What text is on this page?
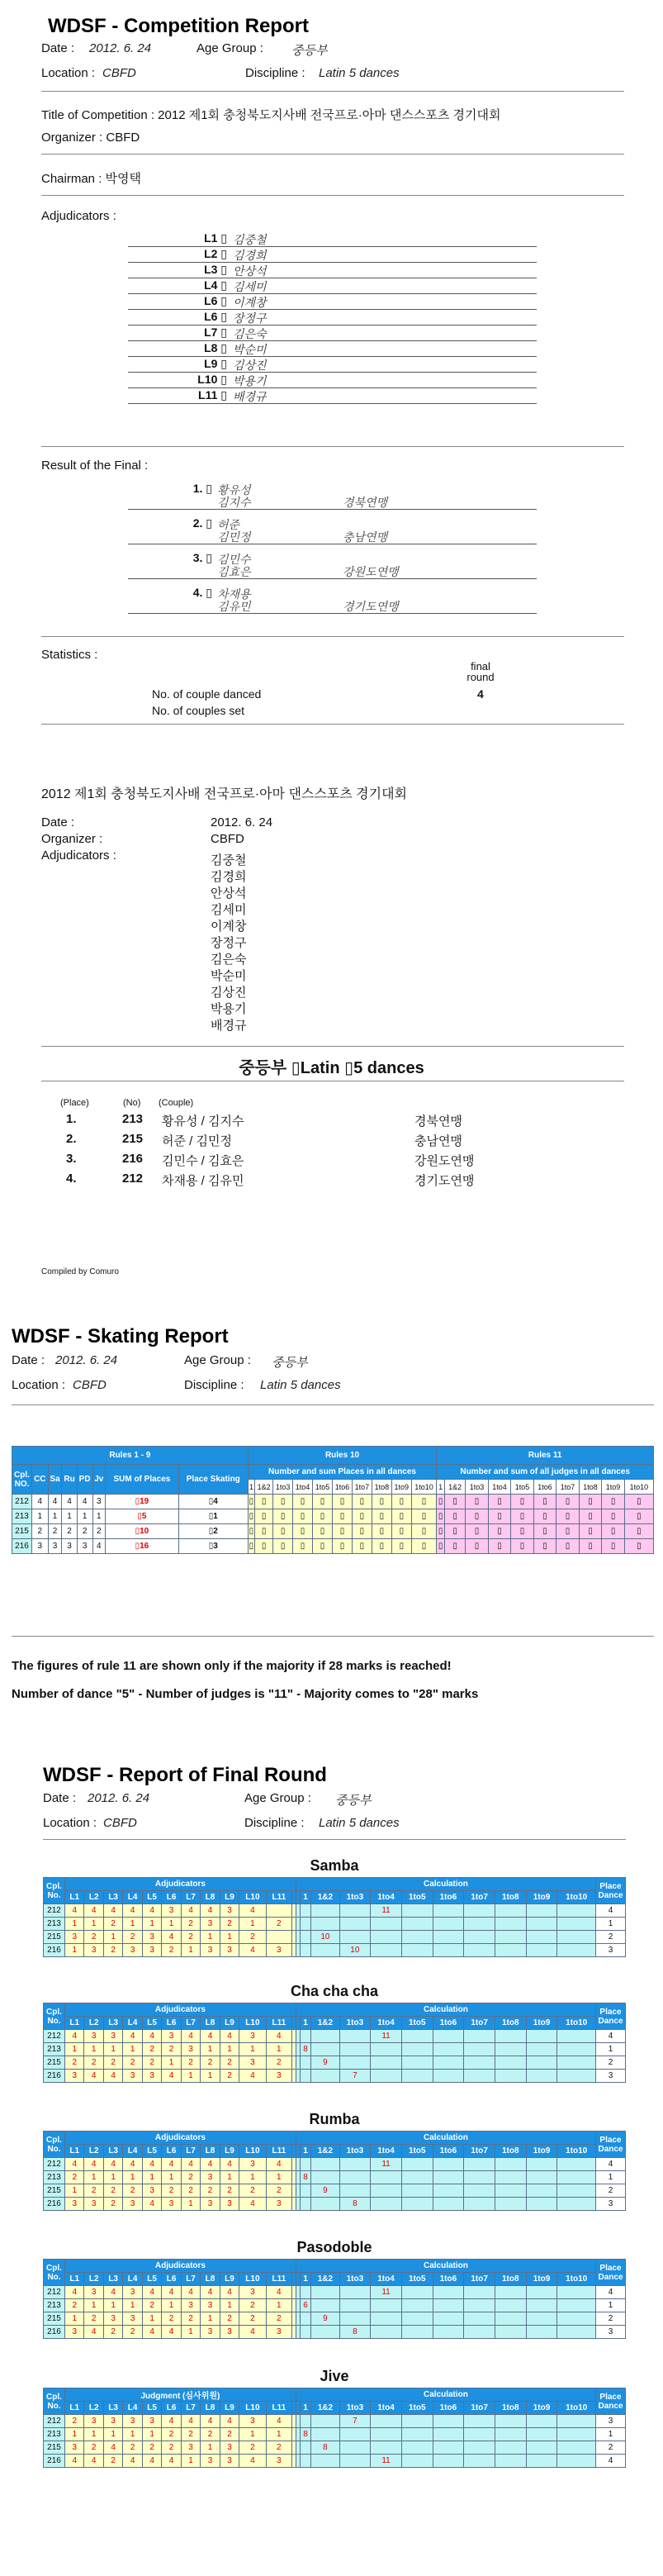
WDSF - Competition Report
Date : 2012. 6. 24	Age Group : 중등부
Location : CBFD	Discipline : Latin 5 dances
Title of Competition : 2012 제1회 충청북도지사배 전국프로·아마 댄스스포츠 경기대회
Organizer : CBFD
Chairman : 박영택
Adjudicators :
L1 ▯ 김중철
L2 ▯ 김경희
L3 ▯ 안상석
L4 ▯ 김세미
L6 ▯ 이계창
L6 ▯ 장정구
L7 ▯ 김은숙
L8 ▯ 박순미
L9 ▯ 김상진
L10 ▯ 박용기
L11 ▯ 배경규
Result of the Final :
1. ▯ 황유성
김지수	경북연맹
2. ▯ 허준
김민정	충남연맹
3. ▯ 김민수
김효은	강원도연맹
4. ▯ 차재용
김유민	경기도연맹
Statistics :
final round
No. of couple danced	4
No. of couples set
2012 제1회 충청북도지사배 전국프로·아마 댄스스포츠 경기대회
Date :	2012. 6. 24
Organizer :	CBFD
Adjudicators :	김중철
김경희
안상석
김세미
이계창
장정구
김은숙
박순미
김상진
박용기
배경규
중등부 ▯Latin ▯5 dances
(Place)	(No) (Couple)
1.	213 황유성 / 김지수	경북연맹
2.	215 허준 / 김민정	충남연맹
3.	216 김민수 / 김효은	강원도연맹
4.	212 차재용 / 김유민	경기도연맹
Compiled by Comuro
WDSF - Skating Report
Date : 2012. 6. 24	Age Group : 중등부
Location : CBFD	Discipline : Latin 5 dances
Rules 1 - 9								Rules 10										Rules 11									
Cpl. NO.	CC	Sa	Ru	PD	Jv	SUM of Places	Place Skating	Number and sum Places in all dances										Number and sum of all judges in all dances									
								1	1&2	1to3	1to4	1to5	1to6	1to7	1to8	1to9	1to10	1	1&2	1to3	1to4	1to5	1to6	1to7	1to8	1to9	1to10
212	4	4	4	4	3	▯19	▯4	▯	▯	▯	▯	▯	▯	▯	▯	▯	▯	▯	▯	▯	▯	▯	▯	▯	▯	▯	▯
213	1	1	1	1	1	▯5	▯1	▯	▯	▯	▯	▯	▯	▯	▯	▯	▯	▯	▯	▯	▯	▯	▯	▯	▯	▯	▯
215	2	2	2	2	2	▯10	▯2	▯	▯	▯	▯	▯	▯	▯	▯	▯	▯	▯	▯	▯	▯	▯	▯	▯	▯	▯	▯
216	3	3	3	3	4	▯16	▯3	▯	▯	▯	▯	▯	▯	▯	▯	▯	▯	▯	▯	▯	▯	▯	▯	▯	▯	▯	▯
The figures of rule 11 are shown only if the majority if 28 marks is reached!
Number of dance "5" - Number of judges is "11" - Majority comes to "28" marks
WDSF - Report of Final Round
Date : 2012. 6. 24	Age Group : 중등부
Location : CBFD	Discipline : Latin 5 dances
Samba
Cpl. No.	Adjudicators												Calculation											Place Dance
	L1	L2	L3	L4	L5	L6	L7	L8	L9	L10	L11			1	1&2	1to3	1to4	1to5	1to6	1to7	1to8	1to9	1to10	
212	4	4	4	4	4	3	4	4	3	4							11							4
213	1	1	2	1	1	1	2	3	2	1	2													1
215	3	2	1	2	3	4	2	1	1	2					10									2
216	1	3	2	3	3	2	1	3	3	4	3					10								3
Cha cha cha
Cpl. No.	Adjudicators												Calculation											Place Dance
	L1	L2	L3	L4	L5	L6	L7	L8	L9	L10	L11			1	1&2	1to3	1to4	1to5	1to6	1to7	1to8	1to9	1to10	
212	4	3	3	4	4	3	4	4	4	3	4						11							4
213	1	1	1	1	2	2	3	1	1	1	1			8										1
215	2	2	2	2	2	1	2	2	2	3	2				9									2
216	3	4	4	3	3	4	1	1	2	4	3					7								3
Rumba
Cpl. No.	Adjudicators												Calculation											Place Dance
	L1	L2	L3	L4	L5	L6	L7	L8	L9	L10	L11			1	1&2	1to3	1to4	1to5	1to6	1to7	1to8	1to9	1to10	
212	4	4	4	4	4	4	4	4	4	3	4						11							4
213	2	1	1	1	1	1	2	3	1	1	1			8										1
215	1	2	2	2	3	2	2	2	2	2	2				9									2
216	3	3	2	3	4	3	1	3	3	4	3					8								3
Pasodoble
Cpl. No.	Adjudicators												Calculation											Place Dance
	L1	L2	L3	L4	L5	L6	L7	L8	L9	L10	L11			1	1&2	1to3	1to4	1to5	1to6	1to7	1to8	1to9	1to10	
212	4	3	4	3	4	4	4	4	4	3	4						11							4
213	2	1	1	1	2	1	3	3	1	2	1			6										1
215	1	2	3	3	1	2	2	1	2	2	2				9									2
216	3	4	2	2	4	4	1	3	3	4	3					8								3
Jive
Cpl. No.	Judgment (심사위원)												Calculation											Place Dance
	L1	L2	L3	L4	L5	L6	L7	L8	L9	L10	L11			1	1&2	1to3	1to4	1to5	1to6	1to7	1to8	1to9	1to10	
212	2	3	3	3	3	4	4	4	4	3	4					7								3
213	1	1	1	1	1	2	2	2	2	1	1			8										1
215	3	2	4	2	2	2	3	1	3	2	2				8									2
216	4	4	2	4	4	4	1	3	3	4	3						11							4
